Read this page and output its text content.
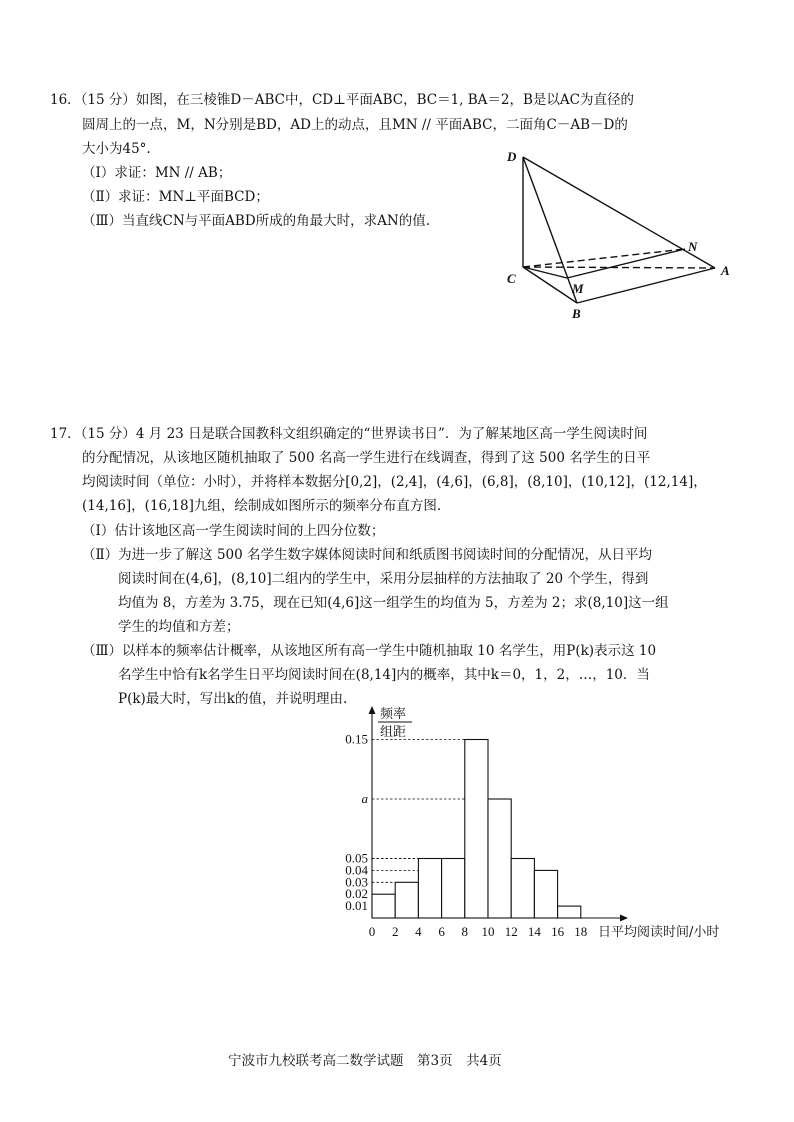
16．（15 分）如图，在三棱锥D－ABC中，CD⊥平面ABC，BC＝1, BA＝2，B是以AC为直径的
圆周上的一点，M，N分别是BD，AD上的动点，且MN // 平面ABC，二面角C－AB－D的
大小为45°.
（Ⅰ）求证：MN // AB；
（Ⅱ）求证：MN⊥平面BCD；
（Ⅲ）当直线CN与平面ABD所成的角最大时，求AN的值.
D
C
N
A
M
B
17．（15 分）4 月 23 日是联合国教科文组织确定的“世界读书日”．为了解某地区高一学生阅读时间
的分配情况，从该地区随机抽取了 500 名高一学生进行在线调查，得到了这 500 名学生的日平
均阅读时间（单位：小时），并将样本数据分[0,2]，(2,4]，(4,6]，(6,8]，(8,10]，(10,12]，(12,14]，
(14,16]，(16,18]九组，绘制成如图所示的频率分布直方图.
（Ⅰ）估计该地区高一学生阅读时间的上四分位数；
（Ⅱ）为进一步了解这 500 名学生数字媒体阅读时间和纸质图书阅读时间的分配情况，从日平均
阅读时间在(4,6]，(8,10]二组内的学生中，采用分层抽样的方法抽取了 20 个学生，得到
均值为 8，方差为 3.75，现在已知(4,6]这一组学生的均值为 5，方差为 2；求(8,10]这一组
学生的均值和方差；
（Ⅲ）以样本的频率估计概率，从该地区所有高一学生中随机抽取 10 名学生，用P(k)表示这 10
名学生中恰有k名学生日平均阅读时间在(8,14]内的概率，其中k＝0，1，2，…，10．当
P(k)最大时，写出k的值，并说明理由.
频率
组距
日平均阅读时间/小时
0.15
a
0.05
0.04
0.03
0.02
0.01
0 2 4 6 8 10 12 14 16 18
宁波市九校联考高二数学试题　第3页　共4页
